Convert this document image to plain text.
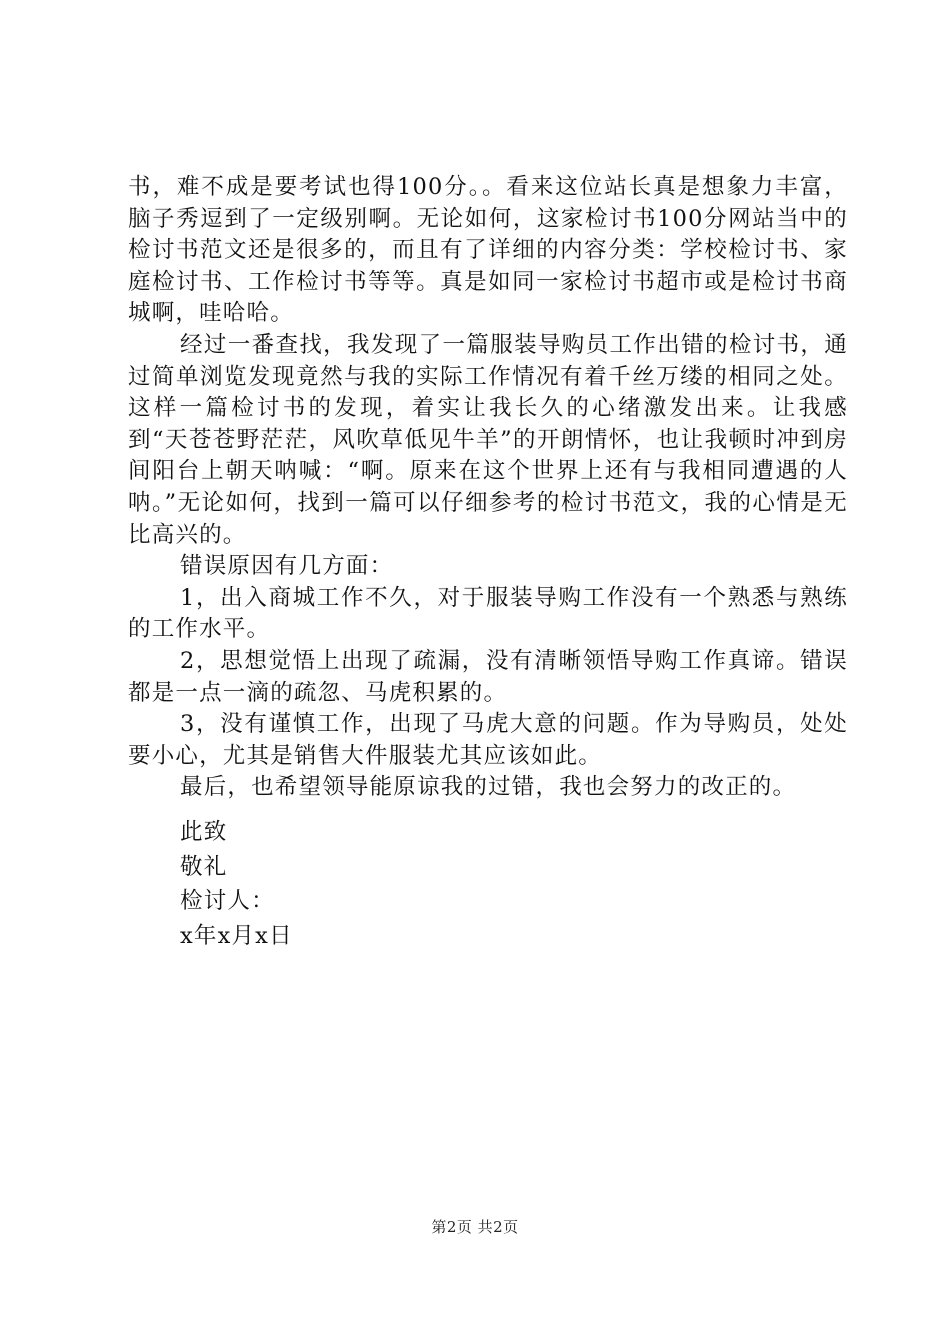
书，难不成是要考试也得100分。。看来这位站长真是想象力丰富，脑子秀逗到了一定级别啊。无论如何，这家检讨书100分网站当中的检讨书范文还是很多的，而且有了详细的内容分类：学校检讨书、家庭检讨书、工作检讨书等等。真是如同一家检讨书超市或是检讨书商城啊，哇哈哈。

经过一番查找，我发现了一篇服装导购员工作出错的检讨书，通过简单浏览发现竟然与我的实际工作情况有着千丝万缕的相同之处。这样一篇检讨书的发现，着实让我长久的心绪激发出来。让我感到“天苍苍野茫茫，风吹草低见牛羊”的开朗情怀，也让我顿时冲到房间阳台上朝天呐喊：“啊。原来在这个世界上还有与我相同遭遇的人呐。”无论如何，找到一篇可以仔细参考的检讨书范文，我的心情是无比高兴的。

错误原因有几方面：

1，出入商城工作不久，对于服装导购工作没有一个熟悉与熟练的工作水平。

2，思想觉悟上出现了疏漏，没有清晰领悟导购工作真谛。错误都是一点一滴的疏忽、马虎积累的。

3，没有谨慎工作，出现了马虎大意的问题。作为导购员，处处要小心，尤其是销售大件服装尤其应该如此。

最后，也希望领导能原谅我的过错，我也会努力的改正的。

此致
敬礼
检讨人：
x年x月x日
第2页 共2页
